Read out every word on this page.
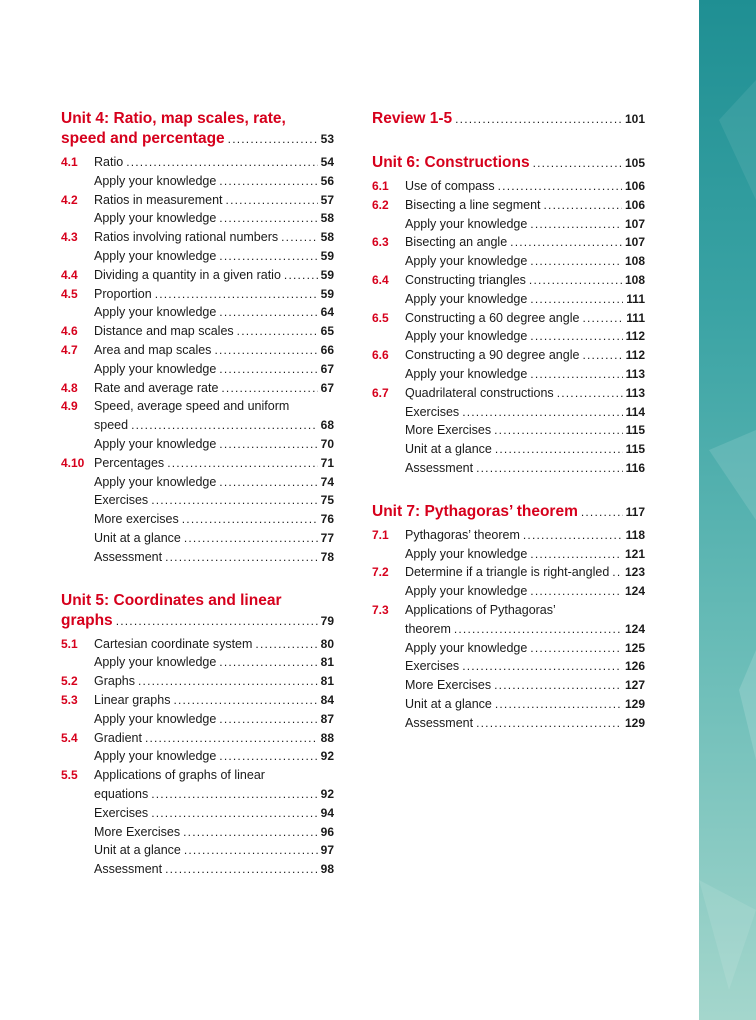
Unit 4: Ratio, map scales, rate,
speed and percentage .....	53
4.1	Ratio .....	54
Apply your knowledge .....	56
4.2	Ratios in measurement .....	57
Apply your knowledge .....	58
4.3	Ratios involving rational numbers .....	58
Apply your knowledge .....	59
4.4	Dividing a quantity in a given ratio .....	59
4.5	Proportion .....	59
Apply your knowledge .....	64
4.6	Distance and map scales .....	65
4.7	Area and map scales .....	66
Apply your knowledge .....	67
4.8	Rate and average rate .....	67
4.9	Speed, average speed and uniform
speed .....	68
Apply your knowledge .....	70
4.10 Percentages .....	71
Apply your knowledge .....	74
Exercises .....	75
More exercises .....	76
Unit at a glance .....	77
Assessment .....	78
Unit 5: Coordinates and linear
graphs .....	79
5.1	Cartesian coordinate system .....	80
Apply your knowledge .....	81
5.2	Graphs .....	81
5.3	Linear graphs .....	84
Apply your knowledge .....	87
5.4	Gradient .....	88
Apply your knowledge .....	92
5.5	Applications of graphs of linear
equations .....	92
Exercises .....	94
More Exercises .....	96
Unit at a glance .....	97
Assessment .....	98
Review 1-5 .....	101
Unit 6: Constructions .....	105
6.1	Use of compass .....	106
6.2	Bisecting a line segment .....	106
Apply your knowledge .....	107
6.3	Bisecting an angle .....	107
Apply your knowledge .....	108
6.4	Constructing triangles .....	108
Apply your knowledge .....	111
6.5	Constructing a 60 degree angle .....	111
Apply your knowledge .....	112
6.6	Constructing a 90 degree angle .....	112
Apply your knowledge .....	113
6.7	Quadrilateral constructions .....	113
Exercises .....	114
More Exercises .....	115
Unit at a glance .....	115
Assessment .....	116
Unit 7: Pythagoras’ theorem .....	117
7.1	Pythagoras’ theorem .....	118
Apply your knowledge .....	121
7.2	Determine if a triangle is right-angled ..... 123
Apply your knowledge .....	124
7.3	Applications of Pythagoras’
theorem .....	124
Apply your knowledge .....	125
Exercises .....	126
More Exercises .....	127
Unit at a glance .....	129
Assessment .....	129
